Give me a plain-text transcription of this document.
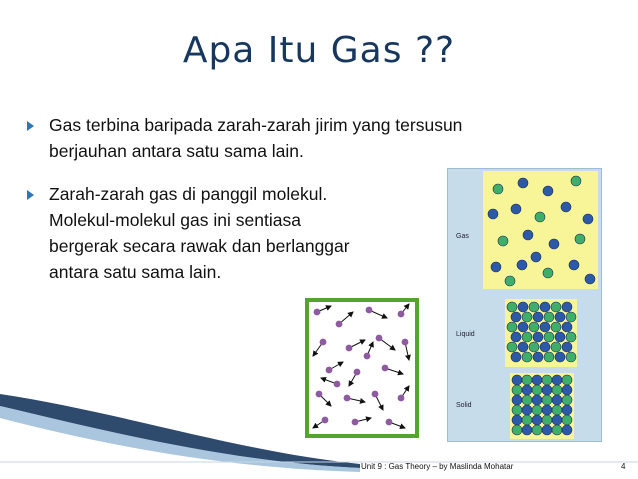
Apa Itu Gas ??
Gas terbina baripada zarah-zarah jirim yang tersusun
berjauhan antara satu sama lain.
Zarah-zarah gas di panggil molekul.
Molekul-molekul gas ini sentiasa
bergerak secara rawak dan berlanggar
antara satu sama lain.
Gas
Liquid
Solid
Unit 9 : Gas Theory – by Maslinda Mohatar	4
